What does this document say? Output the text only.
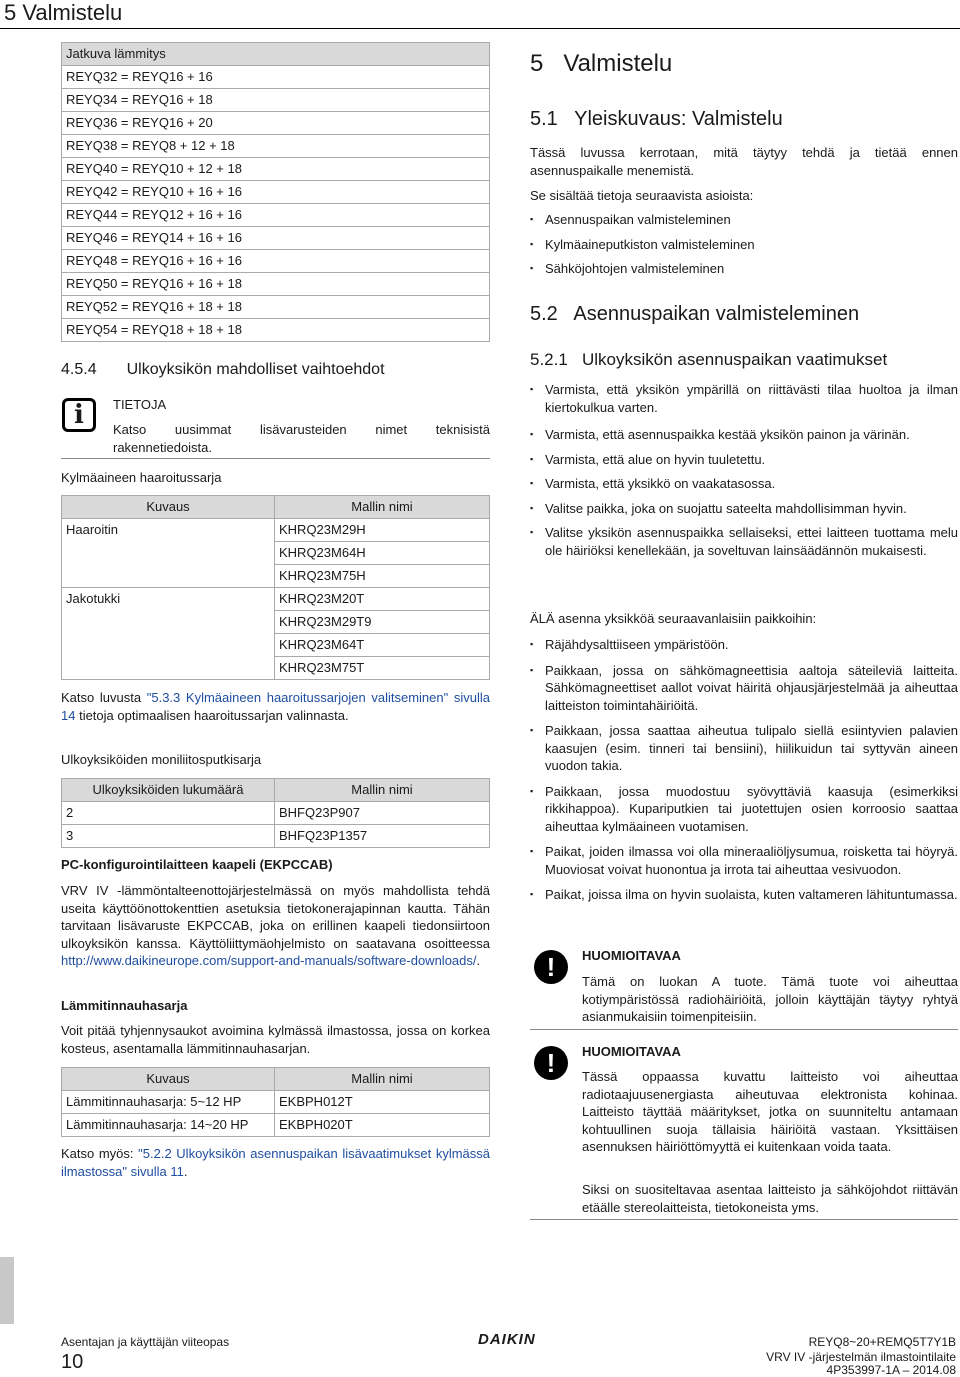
5 Valmistelu
Jatkuva lämmitys
REYQ32 = REYQ16 + 16
REYQ34 = REYQ16 + 18
REYQ36 = REYQ16 + 20
REYQ38 = REYQ8 + 12 + 18
REYQ40 = REYQ10 + 12 + 18
REYQ42 = REYQ10 + 16 + 16
REYQ44 = REYQ12 + 16 + 16
REYQ46 = REYQ14 + 16 + 16
REYQ48 = REYQ16 + 16 + 16
REYQ50 = REYQ16 + 16 + 18
REYQ52 = REYQ16 + 18 + 18
REYQ54 = REYQ18 + 18 + 18
4.5.4 Ulkoyksikön mahdolliset vaihtoehdot
i	TIETOJA
Katso uusimmat lisävarusteiden nimet teknisistä rakennetiedoista.
Kylmäaineen haaroitussarja
Kuvaus	Mallin nimi
Haaroitin	KHRQ23M29H
	KHRQ23M64H
	KHRQ23M75H
Jakotukki	KHRQ23M20T
	KHRQ23M29T9
	KHRQ23M64T
	KHRQ23M75T
Katso luvusta "5.3.3 Kylmäaineen haaroitussarjojen valitseminen" sivulla 14 tietoja optimaalisen haaroitussarjan valinnasta.
Ulkoyksiköiden moniliitosputkisarja
Ulkoyksiköiden lukumäärä	Mallin nimi
2	BHFQ23P907
3	BHFQ23P1357
PC-konfigurointilaitteen kaapeli (EKPCCAB)
VRV IV -lämmöntalteenottojärjestelmässä on myös mahdollista tehdä useita käyttöönottokenttien asetuksia tietokonerajapinnan kautta. Tähän tarvitaan lisävaruste EKPCCAB, joka on erillinen kaapeli tiedonsiirtoon ulkoyksikön kanssa. Käyttöliittymäohjelmisto on saatavana osoitteessa http://www.daikineurope.com/support-and-manuals/software-downloads/.
Lämmitinnauhasarja
Voit pitää tyhjennysaukot avoimina kylmässä ilmastossa, jossa on korkea kosteus, asentamalla lämmitinnauhasarjan.
Kuvaus	Mallin nimi
Lämmitinnauhasarja: 5~12 HP	EKBPH012T
Lämmitinnauhasarja: 14~20 HP	EKBPH020T
Katso myös: "5.2.2 Ulkoyksikön asennuspaikan lisävaatimukset kylmässä ilmastossa" sivulla 11.
5   Valmistelu
5.1   Yleiskuvaus: Valmistelu
Tässä luvussa kerrotaan, mitä täytyy tehdä ja tietää ennen asennuspaikalle menemistä.
Se sisältää tietoja seuraavista asioista:
▪ Asennuspaikan valmisteleminen
▪ Kylmäaineputkiston valmisteleminen
▪ Sähköjohtojen valmisteleminen
5.2   Asennuspaikan valmisteleminen
5.2.1   Ulkoyksikön asennuspaikan vaatimukset
▪ Varmista, että yksikön ympärillä on riittävästi tilaa huoltoa ja ilman kiertokulkua varten.
▪ Varmista, että asennuspaikka kestää yksikön painon ja värinän.
▪ Varmista, että alue on hyvin tuuletettu.
▪ Varmista, että yksikkö on vaakatasossa.
▪ Valitse paikka, joka on suojattu sateelta mahdollisimman hyvin.
▪ Valitse yksikön asennuspaikka sellaiseksi, ettei laitteen tuottama melu ole häiriöksi kenellekään, ja soveltuvan lainsäädännön mukaisesti.
ÄLÄ asenna yksikköä seuraavanlaisiin paikkoihin:
▪ Räjähdysalttiiseen ympäristöön.
▪ Paikkaan, jossa on sähkömagneettisia aaltoja säteileviä laitteita. Sähkömagneettiset aallot voivat häiritä ohjausjärjestelmää ja aiheuttaa laitteiston toimintahäiriöitä.
▪ Paikkaan, jossa saattaa aiheutua tulipalo siellä esiintyvien palavien kaasujen (esim. tinneri tai bensiini), hiilikuidun tai syttyvän aineen vuodon takia.
▪ Paikkaan, jossa muodostuu syövyttäviä kaasuja (esimerkiksi rikkihappoa). Kupariputkien tai juotettujen osien korroosio saattaa aiheuttaa kylmäaineen vuotamisen.
▪ Paikat, joiden ilmassa voi olla mineraaliöljysumua, roisketta tai höyryä. Muoviosat voivat huonontua ja irrota tai aiheuttaa vesivuodon.
▪ Paikat, joissa ilma on hyvin suolaista, kuten valtameren lähituntumassa.
!	HUOMIOITAVAA
Tämä on luokan A tuote. Tämä tuote voi aiheuttaa kotiympäristössä radiohäiriöitä, jolloin käyttäjän täytyy ryhtyä asianmukaisiin toimenpiteisiin.
!	HUOMIOITAVAA
Tässä oppaassa kuvattu laitteisto voi aiheuttaa radiotaajuusenergiasta aiheutuvaa elektronista kohinaa. Laitteisto täyttää määritykset, jotka on suunniteltu antamaan kohtuullinen suoja tällaisia häiriöitä vastaan. Yksittäisen asennuksen häiriöttömyyttä ei kuitenkaan voida taata.
Siksi on suositeltavaa asentaa laitteisto ja sähköjohdot riittävän etäälle stereolaitteista, tietokoneista yms.
Asentajan ja käyttäjän viiteopas
10
DAIKIN	REYQ8~20+REMQ5T7Y1B
VRV IV -järjestelmän ilmastointilaite
4P353997-1A – 2014.08
